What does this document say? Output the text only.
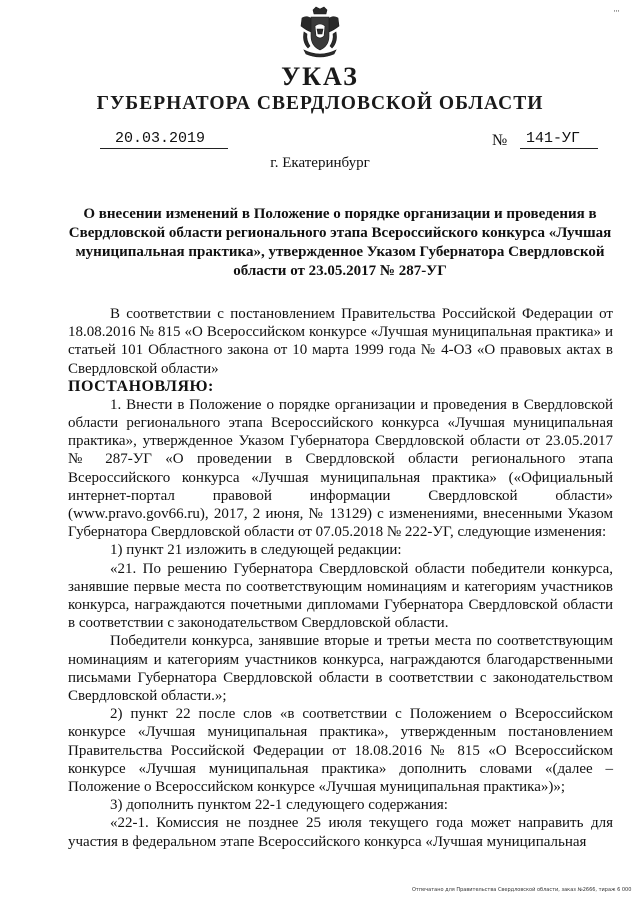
···
УКАЗ
ГУБЕРНАТОРА СВЕРДЛОВСКОЙ ОБЛАСТИ
20.03.2019	№	141-УГ
г. Екатеринбург
О внесении изменений в Положение о порядке организации и проведения в Свердловской области регионального этапа Всероссийского конкурса «Лучшая муниципальная практика», утвержденное Указом Губернатора Свердловской области от 23.05.2017 № 287-УГ

В соответствии с постановлением Правительства Российской Федерации от 18.08.2016 № 815 «О Всероссийском конкурсе «Лучшая муниципальная практика» и статьей 101 Областного закона от 10 марта 1999 года № 4-ОЗ «О правовых актах в Свердловской области»

ПОСТАНОВЛЯЮ:

1. Внести в Положение о порядке организации и проведения в Свердловской области регионального этапа Всероссийского конкурса «Лучшая муниципальная практика», утвержденное Указом Губернатора Свердловской области от 23.05.2017 № 287-УГ «О проведении в Свердловской области регионального этапа Всероссийского конкурса «Лучшая муниципальная практика» («Официальный интернет-портал правовой информации Свердловской области» (www.pravo.gov66.ru), 2017, 2 июня, № 13129) с изменениями, внесенными Указом Губернатора Свердловской области от 07.05.2018 № 222-УГ, следующие изменения:

1) пункт 21 изложить в следующей редакции:

«21. По решению Губернатора Свердловской области победители конкурса, занявшие первые места по соответствующим номинациям и категориям участников конкурса, награждаются почетными дипломами Губернатора Свердловской области в соответствии с законодательством Свердловской области.

Победители конкурса, занявшие вторые и третьи места по соответствующим номинациям и категориям участников конкурса, награждаются благодарственными письмами Губернатора Свердловской области в соответствии с законодательством Свердловской области.»;

2) пункт 22 после слов «в соответствии с Положением о Всероссийском конкурсе «Лучшая муниципальная практика», утвержденным постановлением Правительства Российской Федерации от 18.08.2016 № 815 «О Всероссийском конкурсе «Лучшая муниципальная практика» дополнить словами «(далее – Положение о Всероссийском конкурсе «Лучшая муниципальная практика»)»;

3) дополнить пунктом 22-1 следующего содержания:

«22-1. Комиссия не позднее 25 июля текущего года может направить для участия в федеральном этапе Всероссийского конкурса «Лучшая муниципальная

Отпечатано для Правительства Свердловской области, заказ №2666, тираж 6 000
